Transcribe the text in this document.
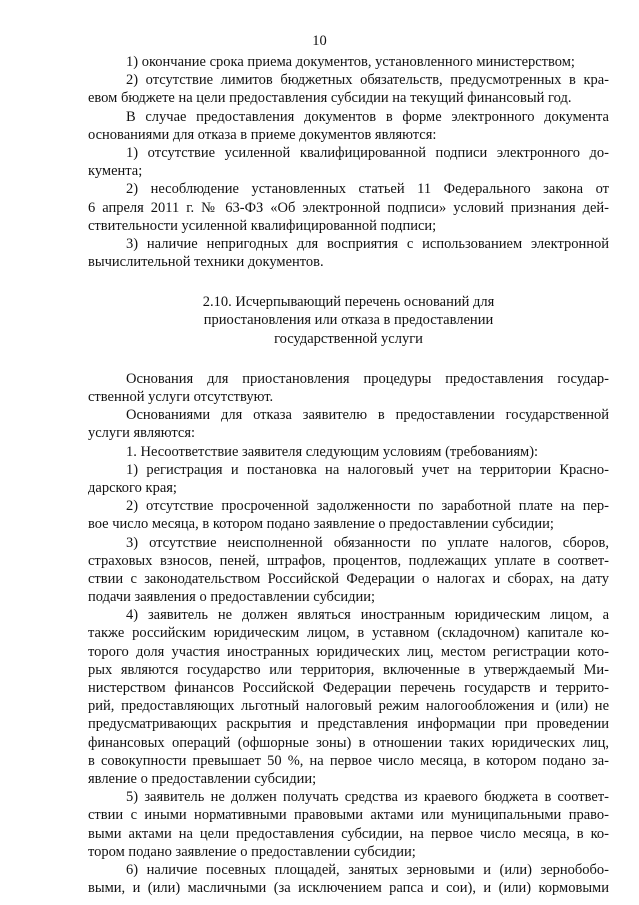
10
1) окончание срока приема документов, установленного министерством;
2) отсутствие лимитов бюджетных обязательств, предусмотренных в кра-
евом бюджете на цели предоставления субсидии на текущий финансовый год.
В случае предоставления документов в форме электронного документа
основаниями для отказа в приеме документов являются:
1) отсутствие усиленной квалифицированной подписи электронного до-
кумента;
2) несоблюдение установленных статьей 11 Федерального закона от
6 апреля 2011 г. № 63-ФЗ «Об электронной подписи» условий признания дей-
ствительности усиленной квалифицированной подписи;
3) наличие непригодных для восприятия с использованием электронной
вычислительной техники документов.
2.10. Исчерпывающий перечень оснований для
приостановления или отказа в предоставлении
государственной услуги
Основания для приостановления процедуры предоставления государ-
ственной услуги отсутствуют.
Основаниями для отказа заявителю в предоставлении государственной
услуги являются:
1. Несоответствие заявителя следующим условиям (требованиям):
1) регистрация и постановка на налоговый учет на территории Красно-
дарского края;
2) отсутствие просроченной задолженности по заработной плате на пер-
вое число месяца, в котором подано заявление о предоставлении субсидии;
3) отсутствие неисполненной обязанности по уплате налогов, сборов,
страховых взносов, пеней, штрафов, процентов, подлежащих уплате в соответ-
ствии с законодательством Российской Федерации о налогах и сборах, на дату
подачи заявления о предоставлении субсидии;
4) заявитель не должен являться иностранным юридическим лицом, а
также российским юридическим лицом, в уставном (складочном) капитале ко-
торого доля участия иностранных юридических лиц, местом регистрации кото-
рых являются государство или территория, включенные в утверждаемый Ми-
нистерством финансов Российской Федерации перечень государств и террито-
рий, предоставляющих льготный налоговый режим налогообложения и (или) не
предусматривающих раскрытия и представления информации при проведении
финансовых операций (офшорные зоны) в отношении таких юридических лиц,
в совокупности превышает 50 %, на первое число месяца, в котором подано за-
явление о предоставлении субсидии;
5) заявитель не должен получать средства из краевого бюджета в соответ-
ствии с иными нормативными правовыми актами или муниципальными право-
выми актами на цели предоставления субсидии, на первое число месяца, в ко-
тором подано заявление о предоставлении субсидии;
6) наличие посевных площадей, занятых зерновыми и (или) зернобобо-
выми, и (или) масличными (за исключением рапса и сои), и (или) кормовыми
